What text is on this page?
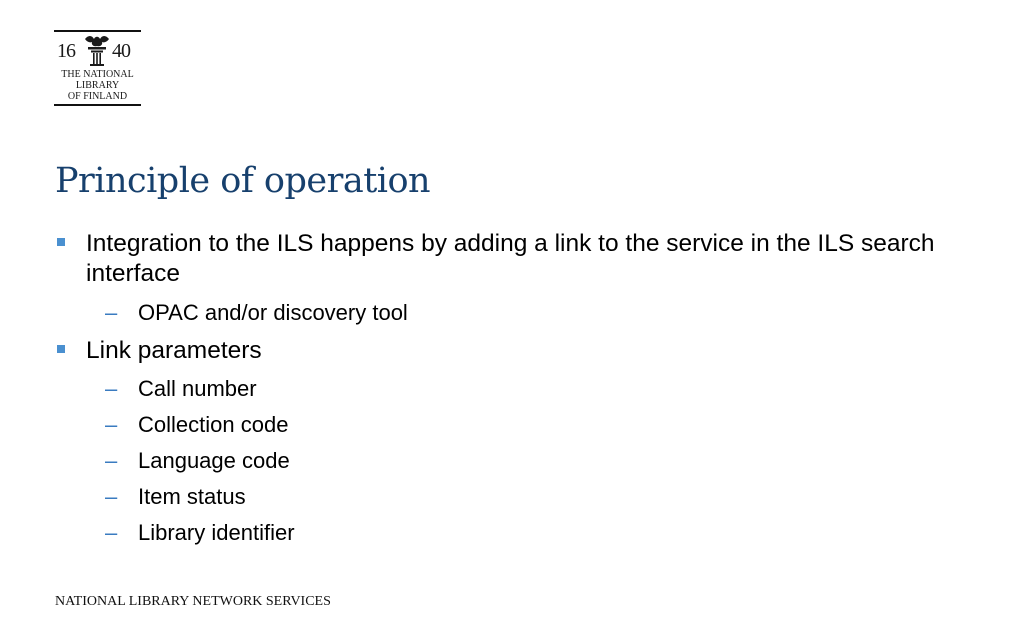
16 40
THE NATIONAL
LIBRARY
OF FINLAND
Principle of operation
Integration to the ILS happens by adding a link to the service in the ILS search interface
– OPAC and/or discovery tool
Link parameters
– Call number
– Collection code
– Language code
– Item status
– Library identifier
NATIONAL LIBRARY NETWORK SERVICES
